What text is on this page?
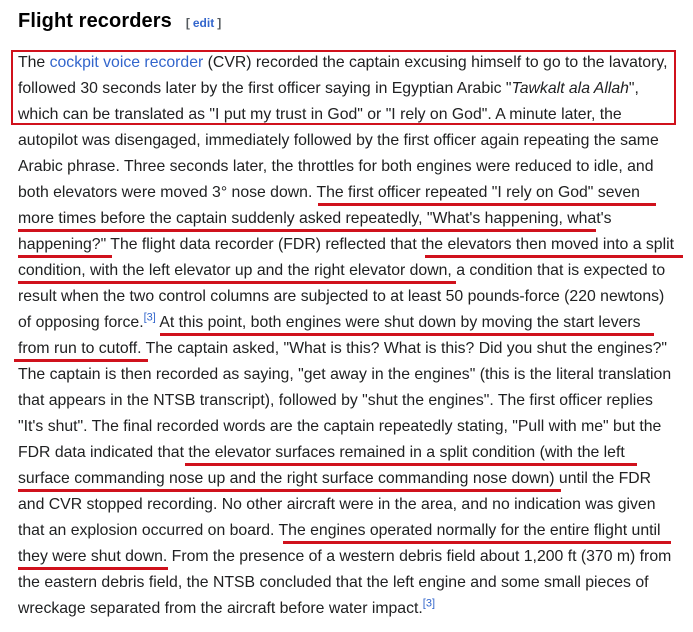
Flight recorders [ edit ]
The cockpit voice recorder (CVR) recorded the captain excusing himself to go to the lavatory,
followed 30 seconds later by the first officer saying in Egyptian Arabic "Tawkalt ala Allah",
which can be translated as "I put my trust in God" or "I rely on God". A minute later, the
autopilot was disengaged, immediately followed by the first officer again repeating the same
Arabic phrase. Three seconds later, the throttles for both engines were reduced to idle, and
both elevators were moved 3° nose down. The first officer repeated "I rely on God" seven
more times before the captain suddenly asked repeatedly, "What's happening, what's
happening?" The flight data recorder (FDR) reflected that the elevators then moved into a split
condition, with the left elevator up and the right elevator down, a condition that is expected to
result when the two control columns are subjected to at least 50 pounds-force (220 newtons)
of opposing force.[3] At this point, both engines were shut down by moving the start levers
from run to cutoff. The captain asked, "What is this? What is this? Did you shut the engines?"
The captain is then recorded as saying, "get away in the engines" (this is the literal translation
that appears in the NTSB transcript), followed by "shut the engines". The first officer replies
"It's shut". The final recorded words are the captain repeatedly stating, "Pull with me" but the
FDR data indicated that the elevator surfaces remained in a split condition (with the left
surface commanding nose up and the right surface commanding nose down) until the FDR
and CVR stopped recording. No other aircraft were in the area, and no indication was given
that an explosion occurred on board. The engines operated normally for the entire flight until
they were shut down. From the presence of a western debris field about 1,200 ft (370 m) from
the eastern debris field, the NTSB concluded that the left engine and some small pieces of
wreckage separated from the aircraft before water impact.[3]
